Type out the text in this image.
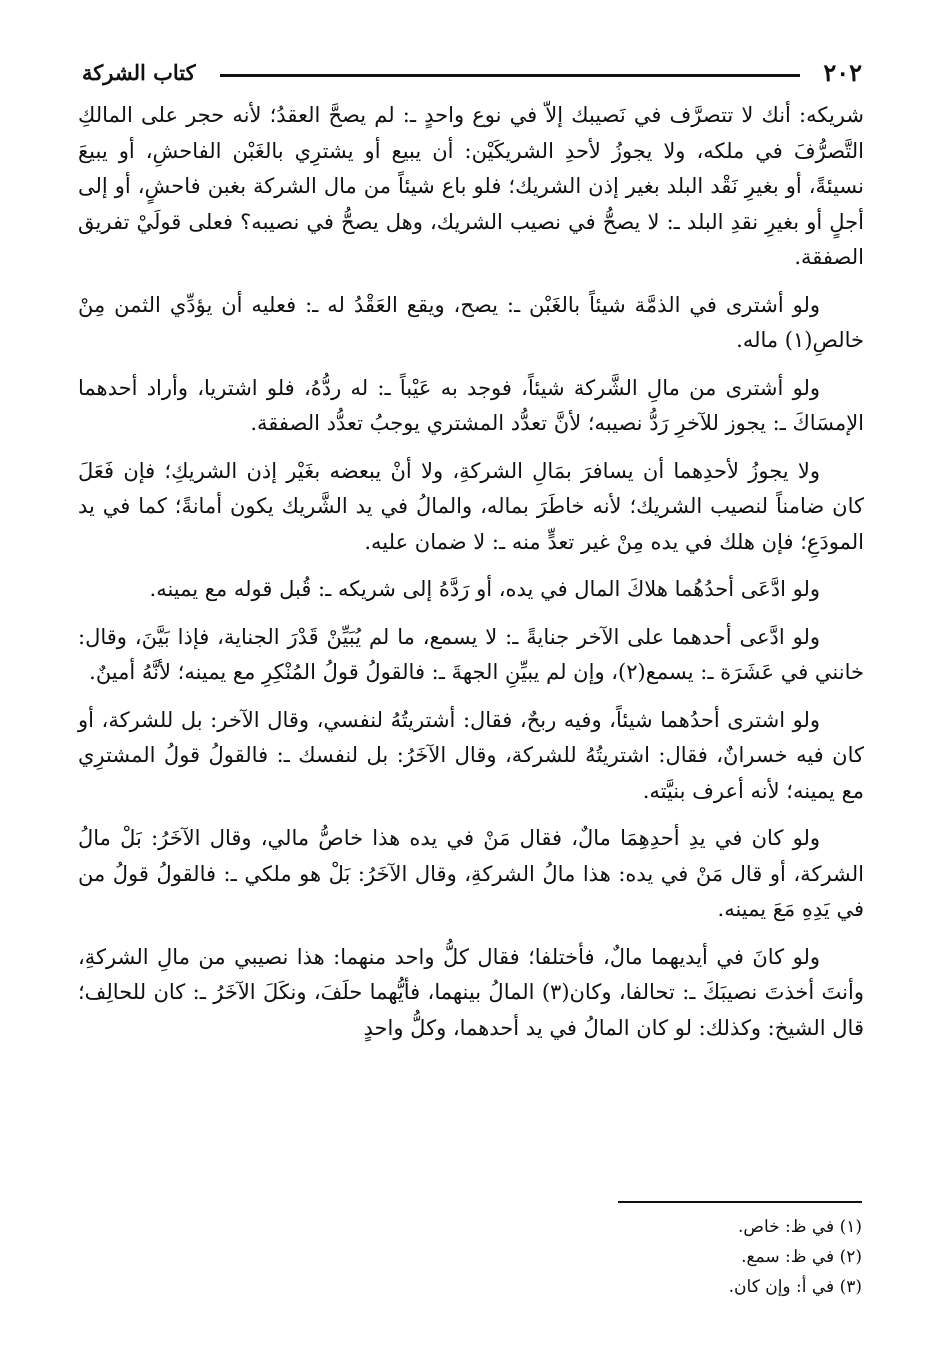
٢٠٢
كتاب الشركة

شريكه: أنك لا تتصرَّف في نَصيبك إلاّ في نوع واحدٍ ـ: لم يصحَّ العقدُ؛ لأنه حجر على المالكِ التَّصرُّفَ في ملكه، ولا يجوزُ لأحدِ الشريكَيْن: أن يبيع أو يشترِي بالغَبْن الفاحشِ، أو يبيعَ نسيئةً، أو بغيرِ نَقْد البلد بغير إذن الشريك؛ فلو باع شيئاً من مال الشركة بغبن فاحشٍ، أو إلى أجلٍ أو بغيرِ نقدِ البلد ـ: لا يصحُّ في نصيب الشريك، وهل يصحُّ في نصيبه؟ فعلى قولَيْ تفريق الصفقة.

ولو أشترى في الذمَّة شيئاً بالغَبْن ـ: يصح، ويقع العَقْدُ له ـ: فعليه أن يؤدِّي الثمن مِنْ خالصِ(١) ماله.

ولو أشترى من مالِ الشَّركة شيئاً، فوجد به عَيْباً ـ: له ردُّهُ، فلو اشتريا، وأراد أحدهما الإمسَاكَ ـ: يجوز للآخرِ رَدُّ نصيبه؛ لأنَّ تعدُّد المشتري يوجبُ تعدُّد الصفقة.

ولا يجوزُ لأحدِهما أن يسافرَ بمَالِ الشركةِ، ولا أنْ يبعضه بغَيْر إذن الشريكِ؛ فإن فَعَلَ كان ضامناً لنصيب الشريك؛ لأنه خاطَرَ بماله، والمالُ في يد الشَّريك يكون أمانةً؛ كما في يد المودَعِ؛ فإن هلك في يده مِنْ غير تعدٍّ منه ـ: لا ضمان عليه.

ولو ادَّعَى أحدُهُما هلاكَ المال في يده، أو رَدَّهُ إلى شريكه ـ: قُبل قوله مع يمينه.

ولو ادَّعى أحدهما على الآخر جنايةً ـ: لا يسمع، ما لم يُبَيِّنْ قَدْرَ الجناية، فإذا بَيَّنَ، وقال: خانني في عَشَرَة ـ: يسمع(٢)، وإن لم يبيِّنِ الجهةَ ـ: فالقولُ قولُ المُنْكِرِ مع يمينه؛ لأنَّهُ أمينٌ.

ولو اشترى أحدُهما شيئاً، وفيه ربحٌ، فقال: أشتريتُهُ لنفسي، وقال الآخر: بل للشركة، أو كان فيه خسرانٌ، فقال: اشتريتُهُ للشركة، وقال الآخَرُ: بل لنفسك ـ: فالقولُ قولُ المشترِي مع يمينه؛ لأنه أعرف بنيَّته.

ولو كان في يدِ أحدِهِمَا مالٌ، فقال مَنْ في يده هذا خاصُّ مالي، وقال الآخَرُ: بَلْ مالُ الشركة، أو قال مَنْ في يده: هذا مالُ الشركةِ، وقال الآخَرُ: بَلْ هو ملكي ـ: فالقولُ قولُ من في يَدِهِ مَعَ يمينه.

ولو كانَ في أيديهما مالٌ، فأختلفا؛ فقال كلُّ واحد منهما: هذا نصيبي من مالِ الشركةِ، وأنتَ أخذتَ نصيبَكَ ـ: تحالفا، وكان(٣) المالُ بينهما، فأيُّهما حلَفَ، ونكَلَ الآخَرُ ـ: كان للحالِف؛ قال الشيخ: وكذلك: لو كان المالُ في يد أحدهما، وكلُّ واحدٍ

(١) في ظ: خاص.

(٢) في ظ: سمع.

(٣) في أ: وإن كان.
